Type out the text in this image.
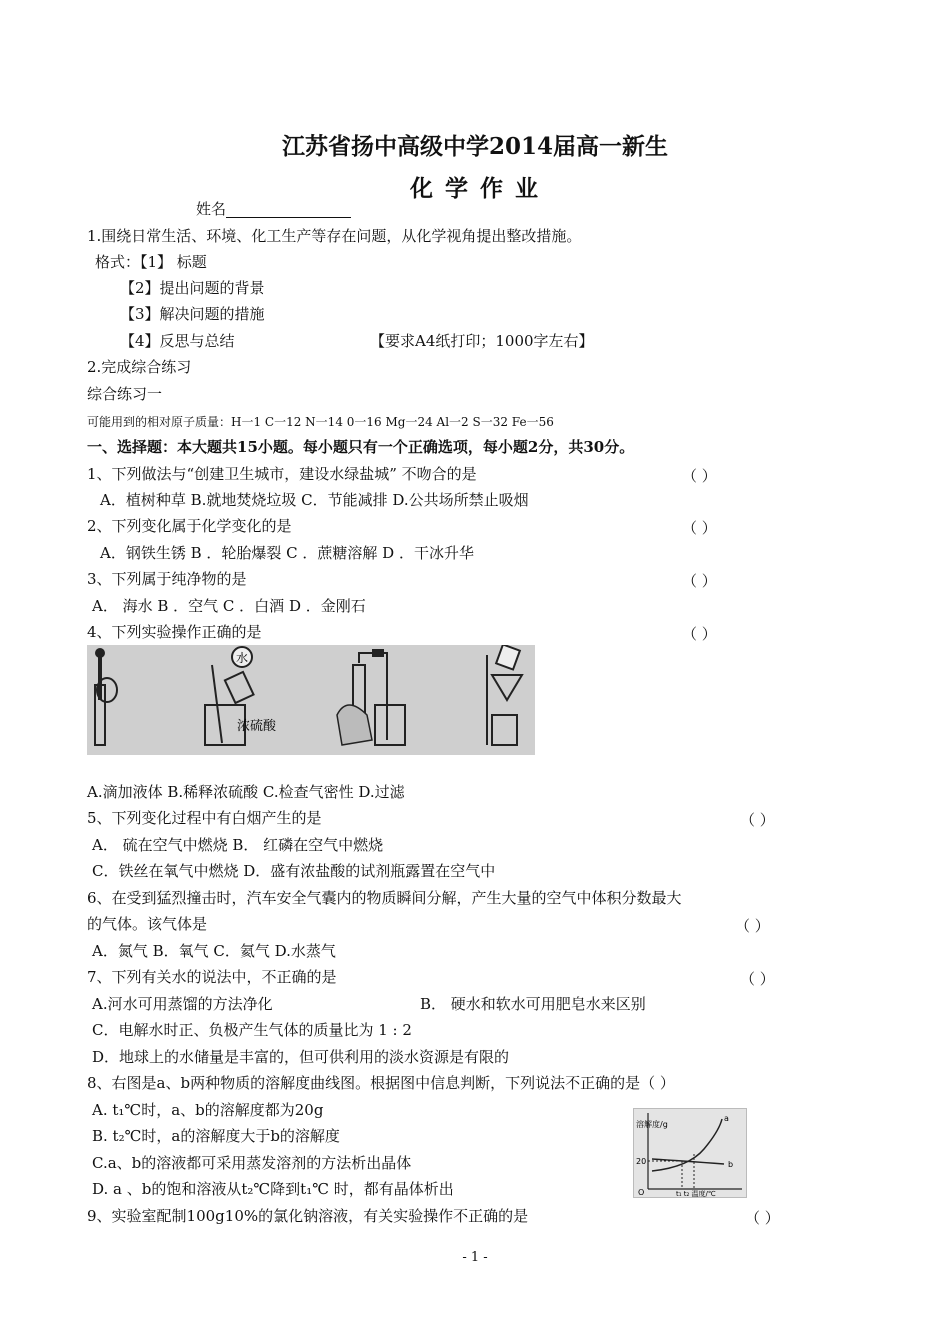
江苏省扬中高级中学2014届高一新生
化 学 作 业
姓名
1.围绕日常生活、环境、化工生产等存在问题，从化学视角提出整改措施。
格式：【1】 标题
【2】提出问题的背景
【3】解决问题的措施
【4】反思与总结	【要求A4纸打印；1000字左右】
2.完成综合练习
综合练习一
可能用到的相对原子质量：H一1 C一12 N一14 0一16 Mg一24 Al一2 S一32 Fe一56
一、选择题：本大题共15小题。每小题只有一个正确选项，每小题2分，共30分。
1、下列做法与“创建卫生城市，建设水绿盐城” 不吻合的是	（ ）
A．植树种草 B.就地焚烧垃圾 C．节能减排 D.公共场所禁止吸烟
2、下列变化属于化学变化的是	（ ）
A．钢铁生锈 B ．轮胎爆裂 C ．蔗糖溶解 D ．干冰升华
3、下列属于纯净物的是	（ ）
A． 海水 B ．空气 C ．白酒 D ．金刚石
4、下列实验操作正确的是	（ ）
水
浓硫酸
A.滴加液体 B.稀释浓硫酸 C.检查气密性 D.过滤
5、下列变化过程中有白烟产生的是	（ ）
A． 硫在空气中燃烧 B． 红磷在空气中燃烧
C．铁丝在氧气中燃烧 D．盛有浓盐酸的试剂瓶露置在空气中
6、在受到猛烈撞击时，汽车安全气囊内的物质瞬间分解，产生大量的空气中体积分数最大
的气体。该气体是	（ ）
A．氮气 B．氧气 C．氦气 D.水蒸气
7、下列有关水的说法中，不正确的是	（ ）
A.河水可用蒸馏的方法净化	B． 硬水和软水可用肥皂水来区别
C．电解水时正、负极产生气体的质量比为 1 : 2
D．地球上的水储量是丰富的，但可供利用的淡水资源是有限的
8、右图是a、b两种物质的溶解度曲线图。根据图中信息判断，下列说法不正确的是（ ）
A. t₁℃时，a、b的溶解度都为20g
B. t₂℃时，a的溶解度大于b的溶解度
C.a、b的溶液都可采用蒸发溶剂的方法析出晶体
D. a 、b的饱和溶液从t₂℃降到t₁℃ 时，都有晶体析出
溶解度/g
20
a
b
O	t₁ t₂ 温度/℃
9、实验室配制100g10%的氯化钠溶液，有关实验操作不正确的是	（ ）
- 1 -
